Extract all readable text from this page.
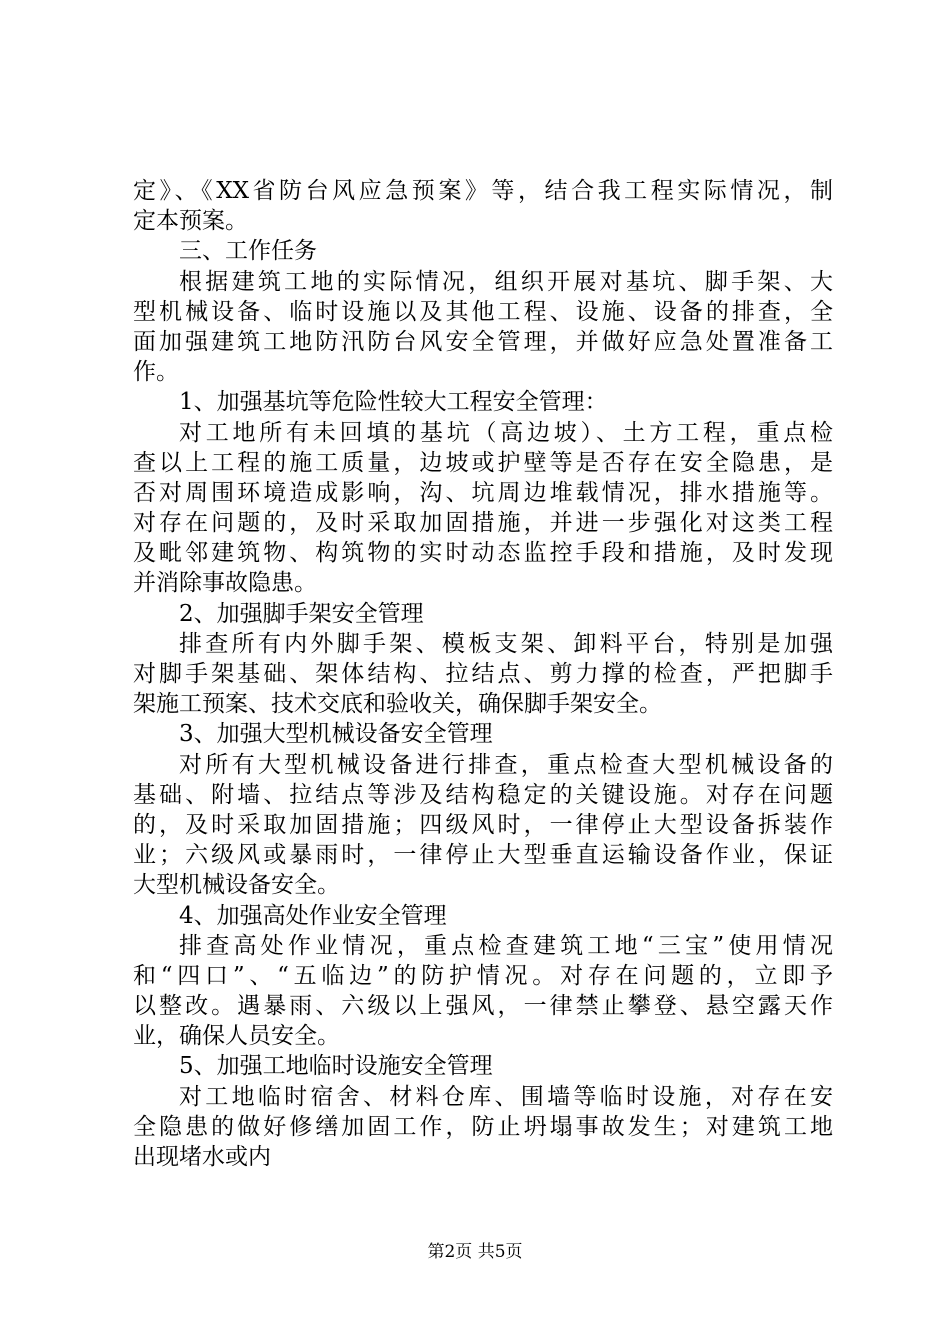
定》、《XX省防台风应急预案》等，结合我工程实际情况，制
定本预案。
三、工作任务
根据建筑工地的实际情况，组织开展对基坑、脚手架、大
型机械设备、临时设施以及其他工程、设施、设备的排查，全
面加强建筑工地防汛防台风安全管理，并做好应急处置准备工
作。
1、加强基坑等危险性较大工程安全管理：
对工地所有未回填的基坑（高边坡）、土方工程，重点检
查以上工程的施工质量，边坡或护壁等是否存在安全隐患，是
否对周围环境造成影响，沟、坑周边堆载情况，排水措施等。
对存在问题的，及时采取加固措施，并进一步强化对这类工程
及毗邻建筑物、构筑物的实时动态监控手段和措施，及时发现
并消除事故隐患。
2、加强脚手架安全管理
排查所有内外脚手架、模板支架、卸料平台，特别是加强
对脚手架基础、架体结构、拉结点、剪力撑的检查，严把脚手
架施工预案、技术交底和验收关，确保脚手架安全。
3、加强大型机械设备安全管理
对所有大型机械设备进行排查，重点检查大型机械设备的
基础、附墙、拉结点等涉及结构稳定的关键设施。对存在问题
的，及时采取加固措施；四级风时，一律停止大型设备拆装作
业；六级风或暴雨时，一律停止大型垂直运输设备作业，保证
大型机械设备安全。
4、加强高处作业安全管理
排查高处作业情况，重点检查建筑工地“三宝”使用情况
和“四口”、“五临边”的防护情况。对存在问题的，立即予
以整改。遇暴雨、六级以上强风，一律禁止攀登、悬空露天作
业，确保人员安全。
5、加强工地临时设施安全管理
对工地临时宿舍、材料仓库、围墙等临时设施，对存在安
全隐患的做好修缮加固工作，防止坍塌事故发生；对建筑工地
出现堵水或内
第2页 共5页
